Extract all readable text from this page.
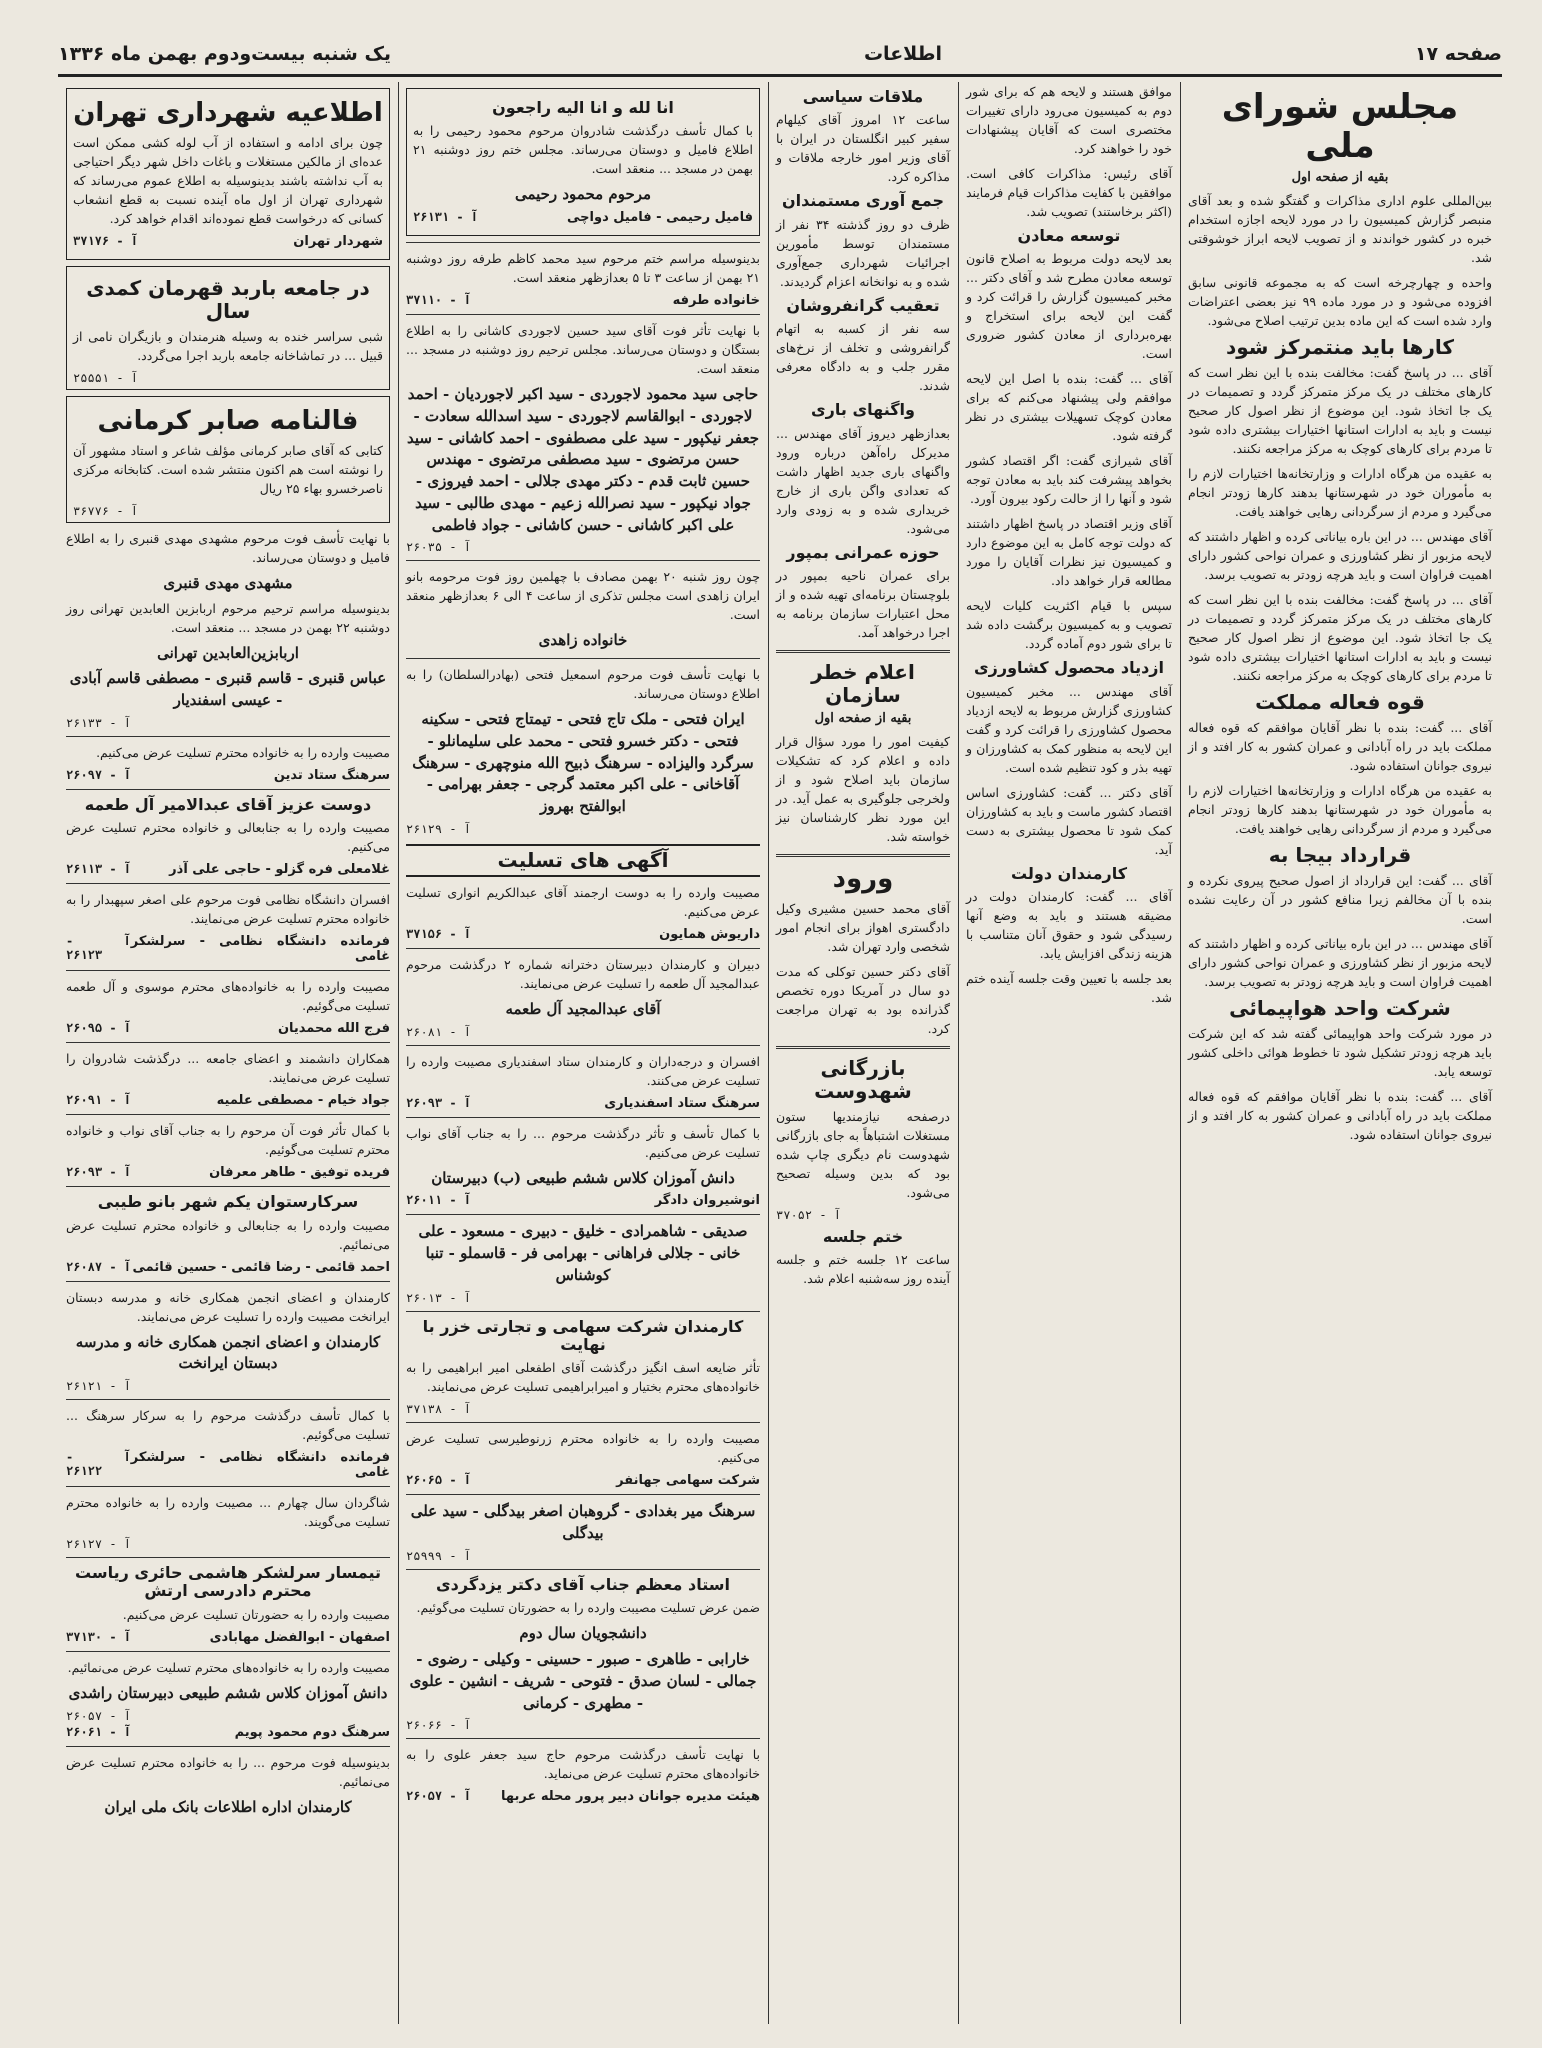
صفحه ۱۷
اطلاعات
یک شنبه بیست‌ودوم بهمن ماه ۱۳۳۶
مجلس شورای ملی
بقیه از صفحه اول

بین‌المللی علوم اداری مذاکرات و گفتگو شده و بعد آقای منبصر گزارش کمیسیون را در مورد لایحه اجازه استخدام خبره در کشور خواندند و از تصویب لایحه ابراز خوشوقتی شد.

واحده و چهارچرخه است که به مجموعه قانونی سابق افزوده می‌شود و در مورد ماده ۹۹ نیز بعضی اعتراضات وارد شده است که این ماده بدین ترتیب اصلاح می‌شود.

کارها باید منتمرکز شود

آقای ... در پاسخ گفت: مخالفت بنده با این نظر است که کارهای مختلف در یک مرکز متمرکز گردد و تصمیمات در یک جا اتخاذ شود. این موضوع از نظر اصول کار صحیح نیست و باید به ادارات استانها اختیارات بیشتری داده شود تا مردم برای کارهای کوچک به مرکز مراجعه نکنند.

به عقیده من هرگاه ادارات و وزارتخانه‌ها اختیارات لازم را به مأموران خود در شهرستانها بدهند کارها زودتر انجام می‌گیرد و مردم از سرگردانی رهایی خواهند یافت.

آقای مهندس ... در این باره بیاناتی کرده و اظهار داشتند که لایحه مزبور از نظر کشاورزی و عمران نواحی کشور دارای اهمیت فراوان است و باید هرچه زودتر به تصویب برسد.

آقای ... در پاسخ گفت: مخالفت بنده با این نظر است که کارهای مختلف در یک مرکز متمرکز گردد و تصمیمات در یک جا اتخاذ شود. این موضوع از نظر اصول کار صحیح نیست و باید به ادارات استانها اختیارات بیشتری داده شود تا مردم برای کارهای کوچک به مرکز مراجعه نکنند.

قوه فعاله مملکت

آقای ... گفت: بنده با نظر آقایان موافقم که قوه فعاله مملکت باید در راه آبادانی و عمران کشور به کار افتد و از نیروی جوانان استفاده شود.

به عقیده من هرگاه ادارات و وزارتخانه‌ها اختیارات لازم را به مأموران خود در شهرستانها بدهند کارها زودتر انجام می‌گیرد و مردم از سرگردانی رهایی خواهند یافت.

قرارداد بیجا به

آقای ... گفت: این قرارداد از اصول صحیح پیروی نکرده و بنده با آن مخالفم زیرا منافع کشور در آن رعایت نشده است.

آقای مهندس ... در این باره بیاناتی کرده و اظهار داشتند که لایحه مزبور از نظر کشاورزی و عمران نواحی کشور دارای اهمیت فراوان است و باید هرچه زودتر به تصویب برسد.

شرکت واحد هواپیمائی

در مورد شرکت واحد هواپیمائی گفته شد که این شرکت باید هرچه زودتر تشکیل شود تا خطوط هوائی داخلی کشور توسعه یابد.

آقای ... گفت: بنده با نظر آقایان موافقم که قوه فعاله مملکت باید در راه آبادانی و عمران کشور به کار افتد و از نیروی جوانان استفاده شود.

موافق هستند و لایحه هم که برای شور دوم به کمیسیون می‌رود دارای تغییرات مختصری است که آقایان پیشنهادات خود را خواهند کرد.

آقای رئیس: مذاکرات کافی است. موافقین با کفایت مذاکرات قیام فرمایند (اکثر برخاستند) تصویب شد.

توسعه معادن

بعد لایحه دولت مربوط به اصلاح قانون توسعه معادن مطرح شد و آقای دکتر ... مخبر کمیسیون گزارش را قرائت کرد و گفت این لایحه برای استخراج و بهره‌برداری از معادن کشور ضروری است.

آقای ... گفت: بنده با اصل این لایحه موافقم ولی پیشنهاد می‌کنم که برای معادن کوچک تسهیلات بیشتری در نظر گرفته شود.

آقای شیرازی گفت: اگر اقتصاد کشور بخواهد پیشرفت کند باید به معادن توجه شود و آنها را از حالت رکود بیرون آورد.

آقای وزیر اقتصاد در پاسخ اظهار داشتند که دولت توجه کامل به این موضوع دارد و کمیسیون نیز نظرات آقایان را مورد مطالعه قرار خواهد داد.

سپس با قیام اکثریت کلیات لایحه تصویب و به کمیسیون برگشت داده شد تا برای شور دوم آماده گردد.

ازدیاد محصول کشاورزی

آقای مهندس ... مخبر کمیسیون کشاورزی گزارش مربوط به لایحه ازدیاد محصول کشاورزی را قرائت کرد و گفت این لایحه به منظور کمک به کشاورزان و تهیه بذر و کود تنظیم شده است.

آقای دکتر ... گفت: کشاورزی اساس اقتصاد کشور ماست و باید به کشاورزان کمک شود تا محصول بیشتری به دست آید.

کارمندان دولت

آقای ... گفت: کارمندان دولت در مضیقه هستند و باید به وضع آنها رسیدگی شود و حقوق آنان متناسب با هزینه زندگی افزایش یابد.

بعد جلسه با تعیین وقت جلسه آینده ختم شد.

ملاقات سیاسی

ساعت ۱۲ امروز آقای کیلهام سفیر کبیر انگلستان در ایران با آقای وزیر امور خارجه ملاقات و مذاکره کرد.

جمع آوری مستمندان

ظرف دو روز گذشته ۳۴ نفر از مستمندان توسط مأمورین اجرائیات شهرداری جمع‌آوری شده و به نوانخانه اعزام گردیدند.

تعقیب گرانفروشان

سه نفر از کسبه به اتهام گرانفروشی و تخلف از نرخ‌های مقرر جلب و به دادگاه معرفی شدند.

واگنهای باری

بعدازظهر دیروز آقای مهندس ... مدیرکل راه‌آهن درباره ورود واگنهای باری جدید اظهار داشت که تعدادی واگن باری از خارج خریداری شده و به زودی وارد می‌شود.

حوزه عمرانی بمپور

برای عمران ناحیه بمپور در بلوچستان برنامه‌ای تهیه شده و از محل اعتبارات سازمان برنامه به اجرا درخواهد آمد.

اعلام خطر سازمان
بقیه از صفحه اول

کیفیت امور را مورد سؤال قرار داده و اعلام کرد که تشکیلات سازمان باید اصلاح شود و از ولخرجی جلوگیری به عمل آید. در این مورد نظر کارشناسان نیز خواسته شد.

ورود

آقای محمد حسین مشیری وکیل دادگستری اهواز برای انجام امور شخصی وارد تهران شد.

آقای دکتر حسین توکلی که مدت دو سال در آمریکا دوره تخصص گذرانده بود به تهران مراجعت کرد.

بازرگانی شهدوست

درصفحه نیازمندیها ستون مستغلات اشتباهاً به جای بازرگانی شهدوست نام دیگری چاپ شده بود که بدین وسیله تصحیح می‌شود.

آ - ۳۷۰۵۲
ختم جلسه

ساعت ۱۲ جلسه ختم و جلسه آینده روز سه‌شنبه اعلام شد.

انا لله و انا الیه راجعون

با کمال تأسف درگذشت شادروان مرحوم محمود رحیمی را به اطلاع فامیل و دوستان می‌رساند. مجلس ختم روز دوشنبه ۲۱ بهمن در مسجد ... منعقد است.

مرحوم محمود رحیمی
فامیل رحیمی - فامیل دواچی
آ - ۲۶۱۳۱

بدینوسیله مراسم ختم مرحوم سید محمد کاظم طرفه روز دوشنبه ۲۱ بهمن از ساعت ۳ تا ۵ بعدازظهر منعقد است.

خانواده طرفه
آ - ۳۷۱۱۰

با نهایت تأثر فوت آقای سید حسین لاجوردی کاشانی را به اطلاع بستگان و دوستان می‌رساند. مجلس ترحیم روز دوشنبه در مسجد ... منعقد است.

حاجی سید محمود لاجوردی - سید اکبر لاجوردیان - احمد لاجوردی - ابوالقاسم لاجوردی - سید اسدالله سعادت - جعفر نیکپور - سید علی مصطفوی - احمد کاشانی - سید حسن مرتضوی - سید مصطفی مرتضوی - مهندس حسین ثابت قدم - دکتر مهدی جلالی - احمد فیروزی - جواد نیکپور - سید نصرالله زعیم - مهدی طالبی - سید علی اکبر کاشانی - حسن کاشانی - جواد فاطمی
آ - ۲۶۰۳۵

چون روز شنبه ۲۰ بهمن مصادف با چهلمین روز فوت مرحومه بانو ایران زاهدی است مجلس تذکری از ساعت ۴ الی ۶ بعدازظهر منعقد است.

خانواده زاهدی

با نهایت تأسف فوت مرحوم اسمعیل فتحی (بهادرالسلطان) را به اطلاع دوستان می‌رساند.

ایران فتحی - ملک تاج فتحی - تیمتاج فتحی - سکینه فتحی - دکتر خسرو فتحی - محمد علی سلیمانلو - سرگرد والیزاده - سرهنگ ذبیح الله منوچهری - سرهنگ آقاخانی - علی اکبر معتمد گرجی - جعفر بهرامی - ابوالفتح بهروز
آ - ۲۶۱۲۹
آگهی های تسلیت

مصیبت وارده را به دوست ارجمند آقای عبدالکریم انواری تسلیت عرض می‌کنیم.

داریوش همایون
آ - ۳۷۱۵۶

دبیران و کارمندان دبیرستان دخترانه شماره ۲ درگذشت مرحوم عبدالمجید آل طعمه را تسلیت عرض می‌نمایند.

آقای عبدالمجید آل طعمه
آ - ۲۶۰۸۱

افسران و درجه‌داران و کارمندان ستاد اسفندیاری مصیبت وارده را تسلیت عرض می‌کنند.

سرهنگ ستاد اسفندیاری
آ - ۲۶۰۹۳

با کمال تأسف و تأثر درگذشت مرحوم ... را به جناب آقای نواب تسلیت عرض می‌کنیم.

دانش آموزان کلاس ششم طبیعی (ب) دبیرستان
انوشیروان دادگر
آ - ۲۶۰۱۱
صدیقی - شاهمرادی - خلیق - دبیری - مسعود - علی خانی - جلالی فراهانی - بهرامی فر - قاسملو - تنبا کوشناس
آ - ۲۶۰۱۳
کارمندان شرکت سهامی و تجارتی خزر با نهایت

تأثر ضایعه اسف انگیز درگذشت آقای اطفعلی امیر ابراهیمی را به خانواده‌های محترم بختیار و امیرابراهیمی تسلیت عرض می‌نمایند.

آ - ۳۷۱۳۸

مصیبت وارده را به خانواده محترم زرنوطیرسی تسلیت عرض می‌کنیم.

شرکت سهامی جهانفر
آ - ۲۶۰۶۵
سرهنگ میر بغدادی - گروهبان اصغر بیدگلی - سید علی بیدگلی
آ - ۲۵۹۹۹
استاد معظم جناب آقای دکتر یزدگردی

ضمن عرض تسلیت مصیبت وارده را به حضورتان تسلیت می‌گوئیم.

دانشجویان سال دوم
خارابی - طاهری - صبور - حسینی - وکیلی - رضوی - جمالی - لسان صدق - فتوحی - شریف - انشین - علوی - مطهری - کرمانی
آ - ۲۶۰۶۶

با نهایت تأسف درگذشت مرحوم حاج سید جعفر علوی را به خانواده‌های محترم تسلیت عرض می‌نماید.

هیئت مدیره جوانان دبیر پرور محله عربها
آ - ۲۶۰۵۷
اطلاعیه شهرداری تهران

چون برای ادامه و استفاده از آب لوله کشی ممکن است عده‌ای از مالکین مستغلات و باغات داخل شهر دیگر احتیاجی به آب نداشته باشند بدینوسیله به اطلاع عموم می‌رساند که شهرداری تهران از اول ماه آینده نسبت به قطع انشعاب کسانی که درخواست قطع نموده‌اند اقدام خواهد کرد.

شهردار تهران
آ - ۳۷۱۷۶
در جامعه باربد قهرمان کمدی سال

شبی سراسر خنده به وسیله هنرمندان و بازیگران نامی از قبیل ... در تماشاخانه جامعه باربد اجرا می‌گردد.

آ - ۲۵۵۵۱
فالنامه صابر کرمانی

کتابی که آقای صابر کرمانی مؤلف شاعر و استاد مشهور آن را نوشته است هم اکنون منتشر شده است. کتابخانه مرکزی ناصرخسرو بهاء ۲۵ ریال

آ - ۳۶۷۷۶

با نهایت تأسف فوت مرحوم مشهدی مهدی قنبری را به اطلاع فامیل و دوستان می‌رساند.

مشهدی مهدی قنبری

بدینوسیله مراسم ترحیم مرحوم اربابزین العابدین تهرانی روز دوشنبه ۲۲ بهمن در مسجد ... منعقد است.

اربابزین‌العابدین تهرانی
عباس قنبری - قاسم قنبری - مصطفی قاسم آبادی - عیسی اسفندیار
آ - ۲۶۱۳۳

مصیبت وارده را به خانواده محترم تسلیت عرض می‌کنیم.

سرهنگ ستاد تدین
آ - ۲۶۰۹۷
دوست عزیز آقای عبدالامیر آل طعمه

مصیبت وارده را به جنابعالی و خانواده محترم تسلیت عرض می‌کنیم.

غلامعلی فره گزلو - حاجی علی آذر
آ - ۲۶۱۱۳

افسران دانشگاه نظامی فوت مرحوم علی اصغر سپهبدار را به خانواده محترم تسلیت عرض می‌نمایند.

فرمانده دانشگاه نظامی - سرلشکر غامی
آ - ۲۶۱۲۳

مصیبت وارده را به خانواده‌های محترم موسوی و آل طعمه تسلیت می‌گوئیم.

فرج الله محمدیان
آ - ۲۶۰۹۵

همکاران دانشمند و اعضای جامعه ... درگذشت شادروان را تسلیت عرض می‌نمایند.

جواد خیام - مصطفی علمیه
آ - ۲۶۰۹۱

با کمال تأثر فوت آن مرحوم را به جناب آقای نواب و خانواده محترم تسلیت می‌گوئیم.

فریده توفیق - طاهر معرفان
آ - ۲۶۰۹۳
سرکارستوان یکم شهر بانو طیبی

مصیبت وارده را به جنابعالی و خانواده محترم تسلیت عرض می‌نمائیم.

احمد قائمی - رضا قائمی - حسین قائمی
آ - ۲۶۰۸۷

کارمندان و اعضای انجمن همکاری خانه و مدرسه دبستان ایرانخت مصیبت وارده را تسلیت عرض می‌نمایند.

کارمندان و اعضای انجمن همکاری خانه و مدرسه دبستان ایرانخت
آ - ۲۶۱۲۱

با کمال تأسف درگذشت مرحوم را به سرکار سرهنگ ... تسلیت می‌گوئیم.

فرمانده دانشگاه نظامی - سرلشکر غامی
آ - ۲۶۱۲۲

شاگردان سال چهارم ... مصیبت وارده را به خانواده محترم تسلیت می‌گویند.

آ - ۲۶۱۲۷
تیمسار سرلشکر هاشمی حائری ریاست محترم دادرسی ارتش

مصیبت وارده را به حضورتان تسلیت عرض می‌کنیم.

اصفهان - ابوالفضل مهابادی
آ - ۳۷۱۳۰

مصیبت وارده را به خانواده‌های محترم تسلیت عرض می‌نمائیم.

دانش آموزان کلاس ششم طبیعی دبیرستان راشدی
آ - ۲۶۰۵۷
سرهنگ دوم محمود پویم
آ - ۲۶۰۶۱

بدینوسیله فوت مرحوم ... را به خانواده محترم تسلیت عرض می‌نمائیم.

کارمندان اداره اطلاعات بانک ملی ایران
